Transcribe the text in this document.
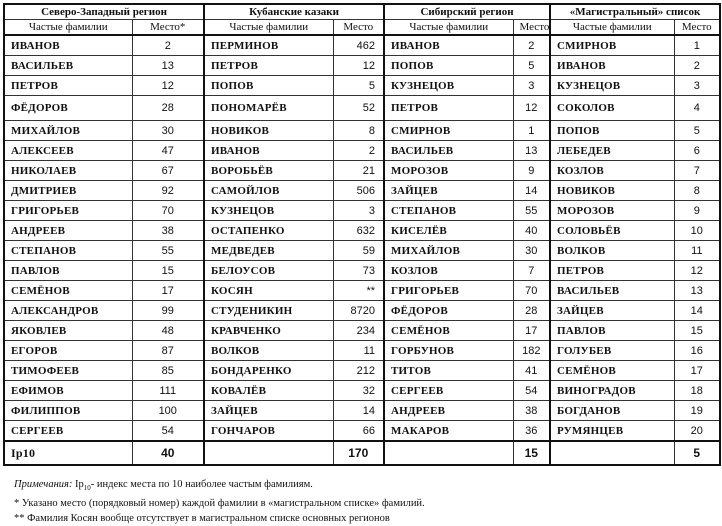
Северо-Западный регион		Кубанские казаки		Сибирский регион		«Магистральный» список	
Частые фамилии	Место*	Частые фамилии	Место	Частые фамилии	Место	Частые фамилии	Место
ИВАНОВ	2	ПЕРМИНОВ	462	ИВАНОВ	2	СМИРНОВ	1
ВАСИЛЬЕВ	13	ПЕТРОВ	12	ПОПОВ	5	ИВАНОВ	2
ПЕТРОВ	12	ПОПОВ	5	КУЗНЕЦОВ	3	КУЗНЕЦОВ	3
ФЁДОРОВ	28	ПОНОМАРЁВ	52	ПЕТРОВ	12	СОКОЛОВ	4
МИХАЙЛОВ	30	НОВИКОВ	8	СМИРНОВ	1	ПОПОВ	5
АЛЕКСЕЕВ	47	ИВАНОВ	2	ВАСИЛЬЕВ	13	ЛЕБЕДЕВ	6
НИКОЛАЕВ	67	ВОРОБЬЁВ	21	МОРОЗОВ	9	КОЗЛОВ	7
ДМИТРИЕВ	92	САМОЙЛОВ	506	ЗАЙЦЕВ	14	НОВИКОВ	8
ГРИГОРЬЕВ	70	КУЗНЕЦОВ	3	СТЕПАНОВ	55	МОРОЗОВ	9
АНДРЕЕВ	38	ОСТАПЕНКО	632	КИСЕЛЁВ	40	СОЛОВЬЁВ	10
СТЕПАНОВ	55	МЕДВЕДЕВ	59	МИХАЙЛОВ	30	ВОЛКОВ	11
ПАВЛОВ	15	БЕЛОУСОВ	73	КОЗЛОВ	7	ПЕТРОВ	12
СЕМЁНОВ	17	КОСЯН	**	ГРИГОРЬЕВ	70	ВАСИЛЬЕВ	13
АЛЕКСАНДРОВ	99	СТУДЕНИКИН	8720	ФЁДОРОВ	28	ЗАЙЦЕВ	14
ЯКОВЛЕВ	48	КРАВЧЕНКО	234	СЕМЁНОВ	17	ПАВЛОВ	15
ЕГОРОВ	87	ВОЛКОВ	11	ГОРБУНОВ	182	ГОЛУБЕВ	16
ТИМОФЕЕВ	85	БОНДАРЕНКО	212	ТИТОВ	41	СЕМЁНОВ	17
ЕФИМОВ	111	КОВАЛЁВ	32	СЕРГЕЕВ	54	ВИНОГРАДОВ	18
ФИЛИППОВ	100	ЗАЙЦЕВ	14	АНДРЕЕВ	38	БОГДАНОВ	19
СЕРГЕЕВ	54	ГОНЧАРОВ	66	МАКАРОВ	36	РУМЯНЦЕВ	20
Ip10	40		170		15		5
Примечания: $Ip_{10}-$ индекс места по 10 наиболее частым фамилиям.
* Указано место (порядковый номер) каждой фамилии в «магистральном списке» фамилий.
** Фамилия Косян вообще отсутствует в магистральном списке основных регионов
